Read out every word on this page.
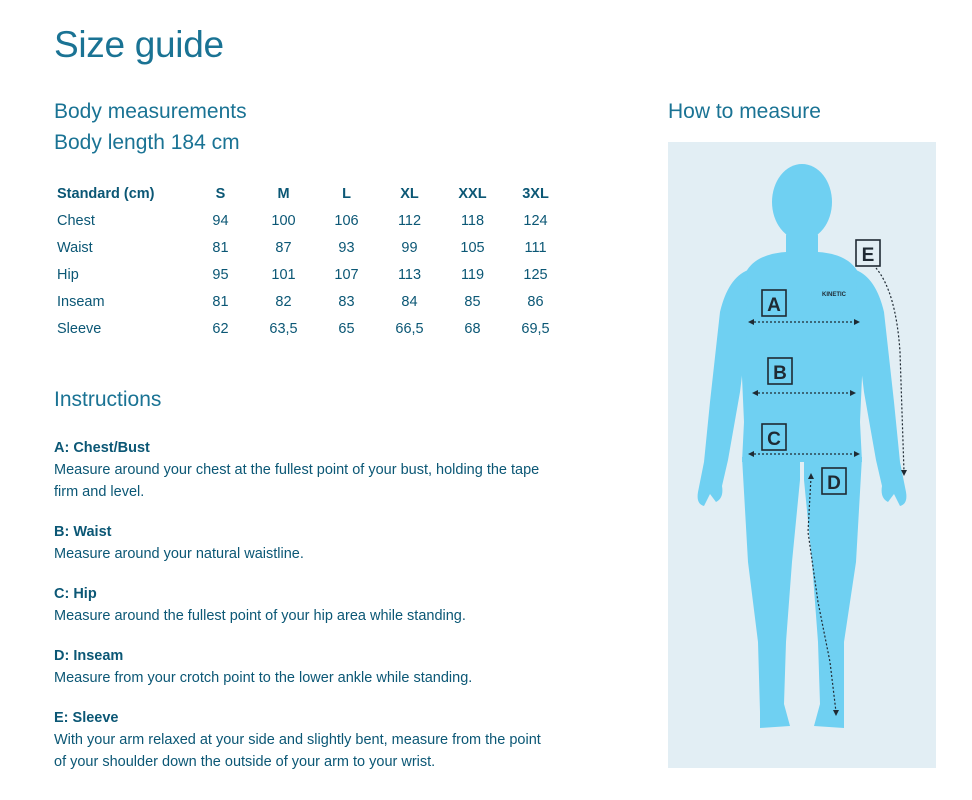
Size guide
Body measurements
Body length 184 cm
Standard (cm)	S	M	L	XL	XXL	3XL
Chest	94	100	106	112	118	124
Waist	81	87	93	99	105	111
Hip	95	101	107	113	119	125
Inseam	81	82	83	84	85	86
Sleeve	62	63,5	65	66,5	68	69,5
Instructions
A: Chest/Bust
Measure around your chest at the fullest point of your bust, holding the tape firm and level.
B: Waist
Measure around your natural waistline.
C: Hip
Measure around the fullest point of your hip area while standing.
D: Inseam
Measure from your crotch point to the lower ankle while standing.
E: Sleeve
With your arm relaxed at your side and slightly bent, measure from the point of your shoulder down the outside of your arm to your wrist.
How to measure
KINETIC
A
B
C
D
E
